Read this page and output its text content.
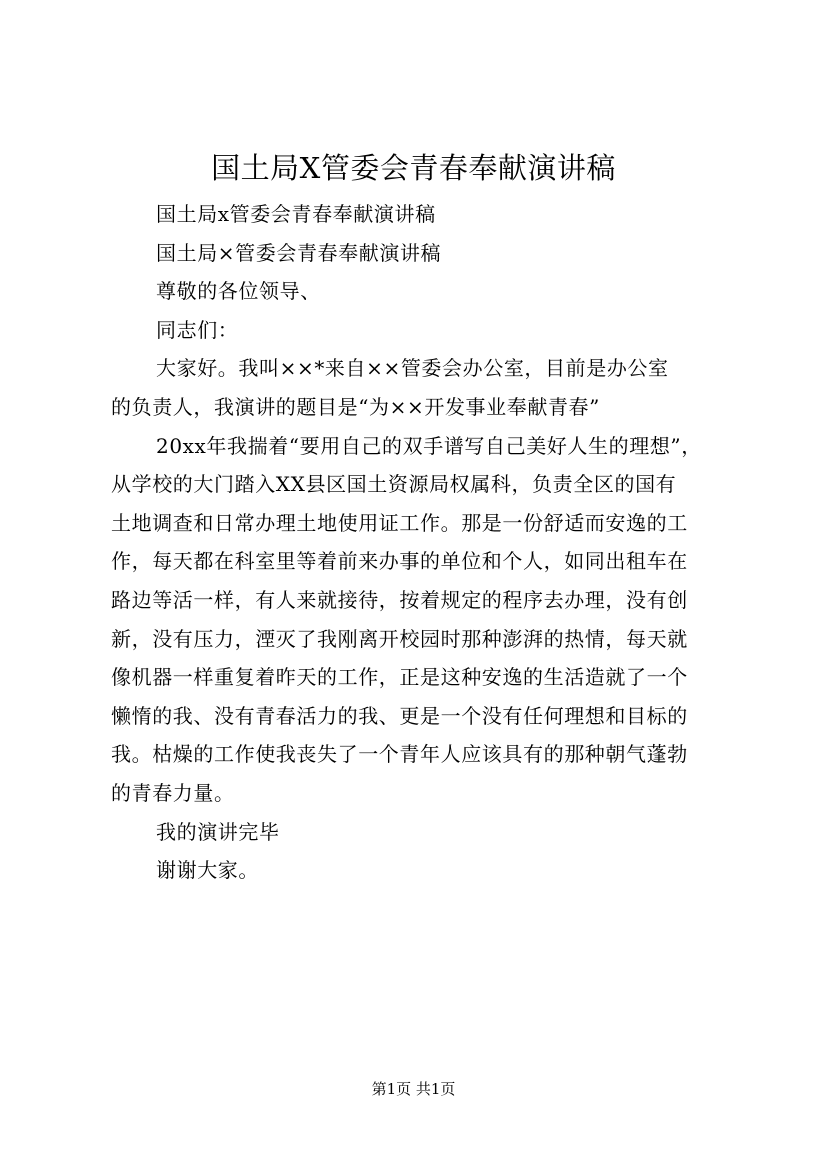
国土局X管委会青春奉献演讲稿
国土局x管委会青春奉献演讲稿
国土局×管委会青春奉献演讲稿
尊敬的各位领导、
同志们：
大家好。我叫××*来自××管委会办公室，目前是办公室
的负责人，我演讲的题目是“为××开发事业奉献青春”
20xx年我揣着“要用自己的双手谱写自己美好人生的理想”，
从学校的大门踏入XX县区国土资源局权属科，负责全区的国有
土地调查和日常办理土地使用证工作。那是一份舒适而安逸的工
作，每天都在科室里等着前来办事的单位和个人，如同出租车在
路边等活一样，有人来就接待，按着规定的程序去办理，没有创
新，没有压力，湮灭了我刚离开校园时那种澎湃的热情，每天就
像机器一样重复着昨天的工作，正是这种安逸的生活造就了一个
懒惰的我、没有青春活力的我、更是一个没有任何理想和目标的
我。枯燥的工作使我丧失了一个青年人应该具有的那种朝气蓬勃
的青春力量。
我的演讲完毕
谢谢大家。
第1页 共1页
